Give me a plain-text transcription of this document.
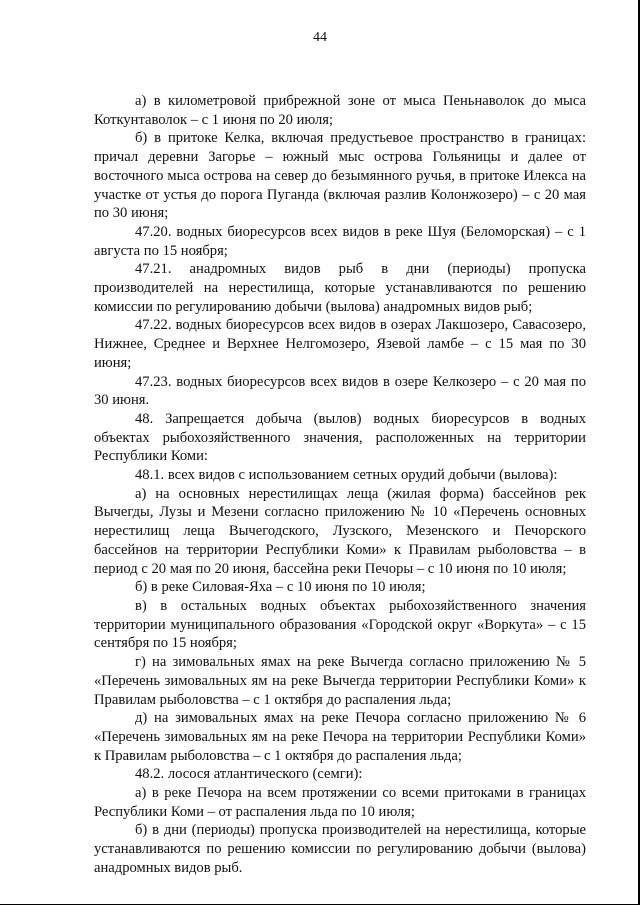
44

а) в километровой прибрежной зоне от мыса Пеньнаволок до мыса Коткунтаволок – с 1 июня по 20 июля;

б) в притоке Келка, включая предустьевое пространство в границах: причал деревни Загорье – южный мыс острова Гольяницы и далее от восточного мыса острова на север до безымянного ручья, в притоке Илекса на участке от устья до порога Пуганда (включая разлив Колонжозеро) – с 20 мая по 30 июня;

47.20. водных биоресурсов всех видов в реке Шуя (Беломорская) – с 1 августа по 15 ноября;

47.21. анадромных видов рыб в дни (периоды) пропуска производителей на нерестилища, которые устанавливаются по решению комиссии по регулированию добычи (вылова) анадромных видов рыб;

47.22. водных биоресурсов всех видов в озерах Лакшозеро, Савасозеро, Нижнее, Среднее и Верхнее Нелгомозеро, Язевой ламбе – с 15 мая по 30 июня;

47.23. водных биоресурсов всех видов в озере Келкозеро – с 20 мая по 30 июня.

48. Запрещается добыча (вылов) водных биоресурсов в водных объектах рыбохозяйственного значения, расположенных на территории Республики Коми:

48.1. всех видов с использованием сетных орудий добычи (вылова):

а) на основных нерестилищах леща (жилая форма) бассейнов рек Вычегды, Лузы и Мезени согласно приложению № 10 «Перечень основных нерестилищ леща Вычегодского, Лузского, Мезенского и Печорского бассейнов на территории Республики Коми» к Правилам рыболовства – в период с 20 мая по 20 июня, бассейна реки Печоры – с 10 июня по 10 июля;

б) в реке Силовая-Яха – с 10 июня по 10 июля;

в) в остальных водных объектах рыбохозяйственного значения территории муниципального образования «Городской округ «Воркута» – с 15 сентября по 15 ноября;

г) на зимовальных ямах на реке Вычегда согласно приложению № 5 «Перечень зимовальных ям на реке Вычегда территории Республики Коми» к Правилам рыболовства – с 1 октября до распаления льда;

д) на зимовальных ямах на реке Печора согласно приложению № 6 «Перечень зимовальных ям на реке Печора на территории Республики Коми» к Правилам рыболовства – с 1 октября до распаления льда;

48.2. лосося атлантического (семги):

а) в реке Печора на всем протяжении со всеми притоками в границах Республики Коми – от распаления льда по 10 июля;

б) в дни (периоды) пропуска производителей на нерестилища, которые устанавливаются по решению комиссии по регулированию добычи (вылова) анадромных видов рыб.
